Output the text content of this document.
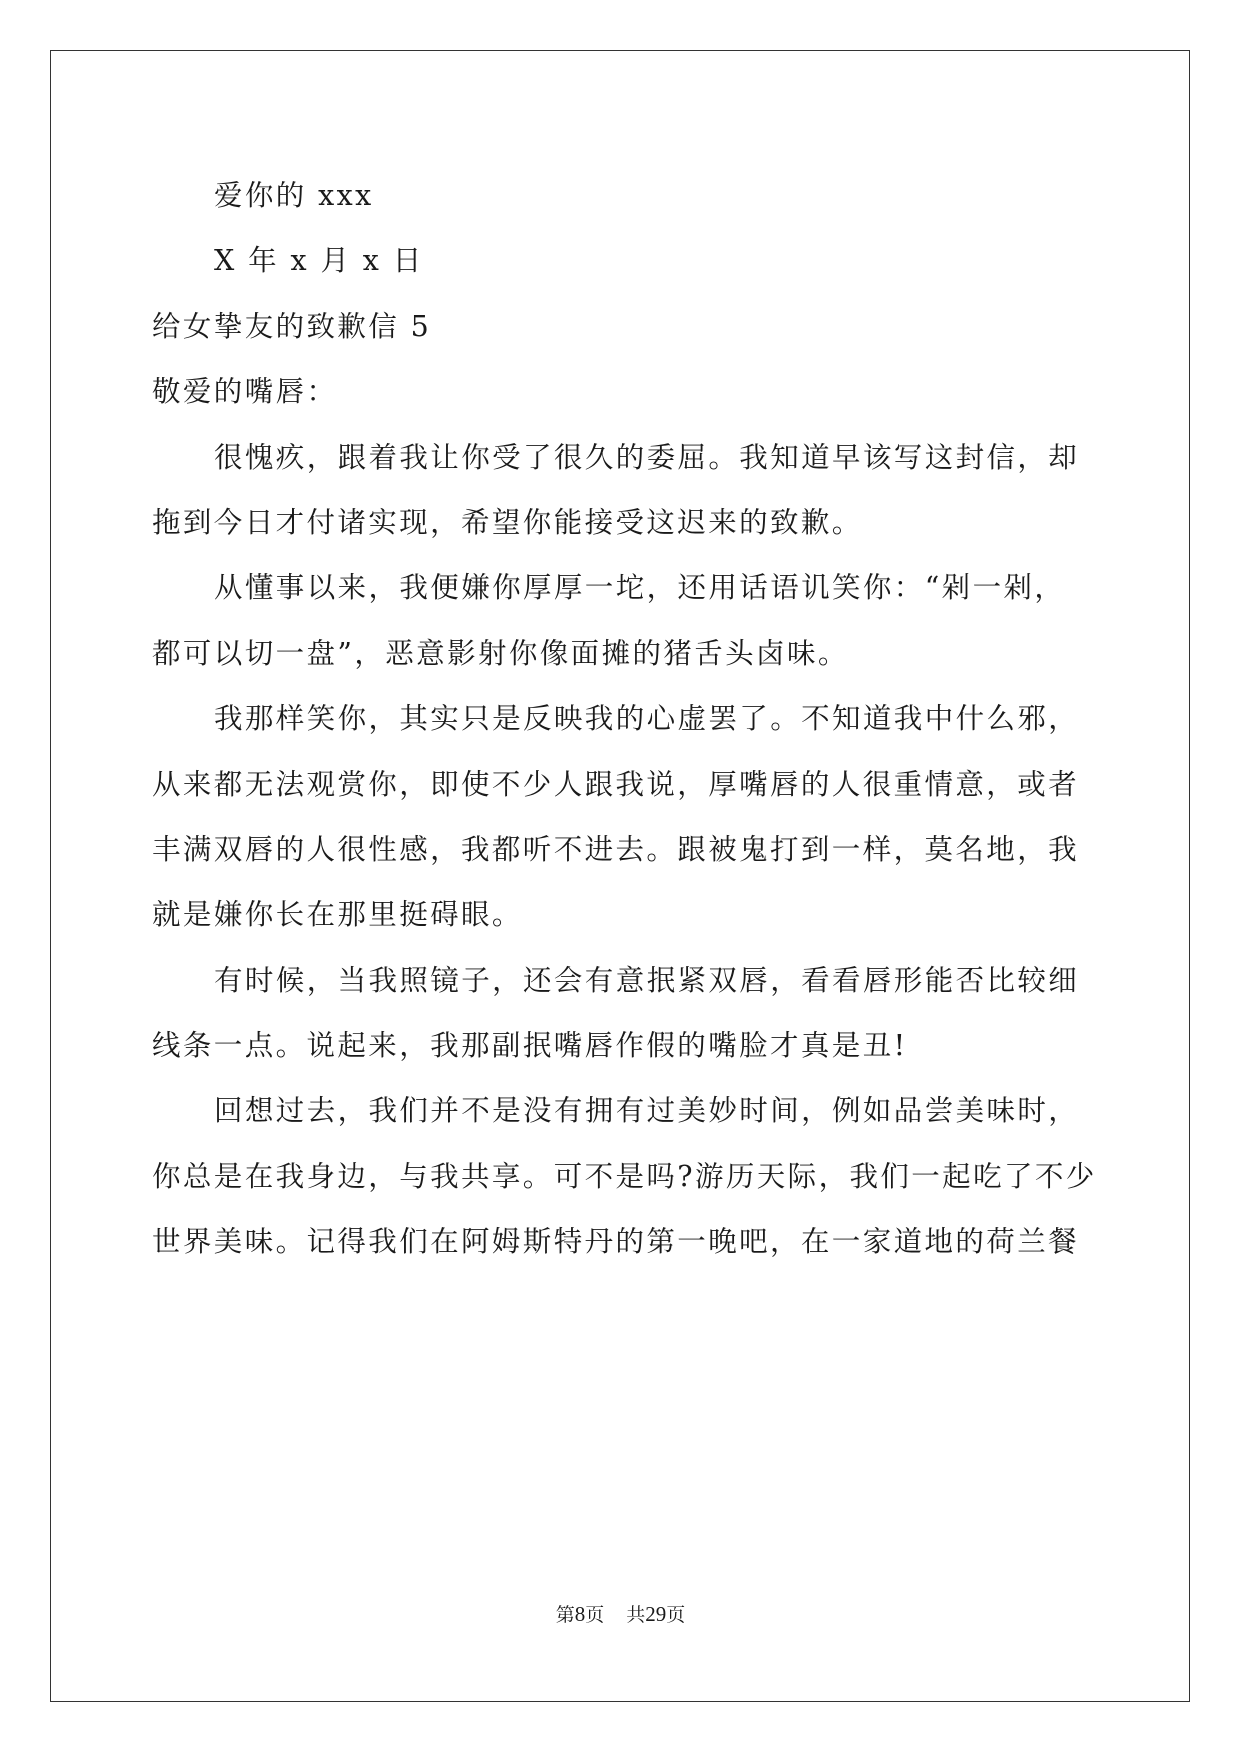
爱你的 xxx
X 年 x 月 x 日
给女挚友的致歉信 5
敬爱的嘴唇：
很愧疚，跟着我让你受了很久的委屈。我知道早该写这封信，却
拖到今日才付诸实现，希望你能接受这迟来的致歉。
从懂事以来，我便嫌你厚厚一坨，还用话语讥笑你：“剁一剁，
都可以切一盘”，恶意影射你像面摊的猪舌头卤味。
我那样笑你，其实只是反映我的心虚罢了。不知道我中什么邪，
从来都无法观赏你，即使不少人跟我说，厚嘴唇的人很重情意，或者
丰满双唇的人很性感，我都听不进去。跟被鬼打到一样，莫名地，我
就是嫌你长在那里挺碍眼。
有时候，当我照镜子，还会有意抿紧双唇，看看唇形能否比较细
线条一点。说起来，我那副抿嘴唇作假的嘴脸才真是丑!
回想过去，我们并不是没有拥有过美妙时间，例如品尝美味时，
你总是在我身边，与我共享。可不是吗?游历天际，我们一起吃了不少
世界美味。记得我们在阿姆斯特丹的第一晚吧，在一家道地的荷兰餐
第8页 共29页
